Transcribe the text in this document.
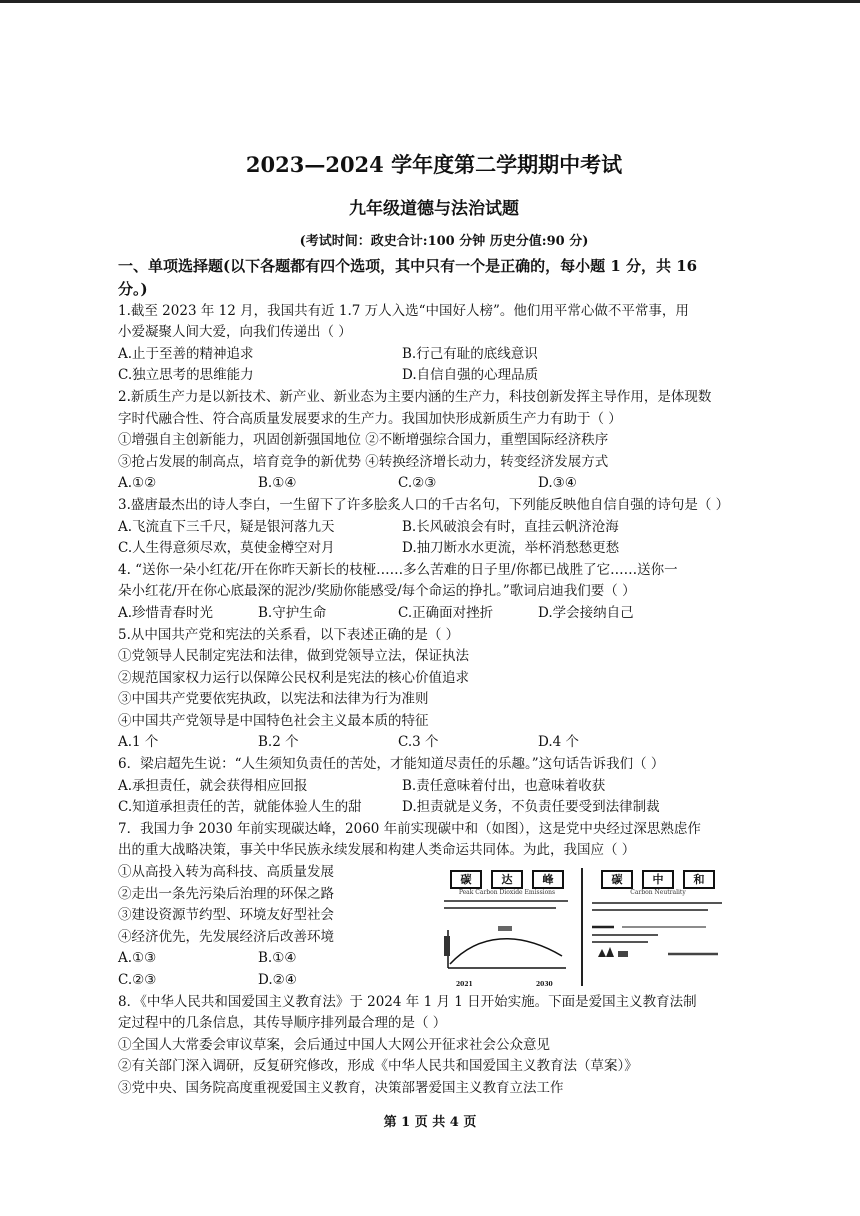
2023—2024 学年度第二学期期中考试
九年级道德与法治试题
(考试时间：政史合计:100 分钟 历史分值:90 分)
一、单项选择题(以下各题都有四个选项，其中只有一个是正确的，每小题 1 分，共 16
分。)
1.截至 2023 年 12 月，我国共有近 1.7 万人入选“中国好人榜”。他们用平常心做不平常事，用
小爱凝聚人间大爱，向我们传递出（ ）
A.止于至善的精神追求	B.行己有耻的底线意识
C.独立思考的思维能力	D.自信自强的心理品质
2.新质生产力是以新技术、新产业、新业态为主要内涵的生产力，科技创新发挥主导作用，是体现数
字时代融合性、符合高质量发展要求的生产力。我国加快形成新质生产力有助于（ ）
①增强自主创新能力，巩固创新强国地位 ②不断增强综合国力，重塑国际经济秩序
③抢占发展的制高点，培育竞争的新优势 ④转换经济增长动力，转变经济发展方式
A.①②	B.①④	C.②③	D.③④
3.盛唐最杰出的诗人李白，一生留下了许多脍炙人口的千古名句，下列能反映他自信自强的诗句是（ ）
A.飞流直下三千尺，疑是银河落九天	B.长风破浪会有时，直挂云帆济沧海
C.人生得意须尽欢，莫使金樽空对月	D.抽刀断水水更流，举杯消愁愁更愁
4. “送你一朵小红花/开在你昨天新长的枝桠……多么苦难的日子里/你都已战胜了它……送你一
朵小红花/开在你心底最深的泥沙/奖励你能感受/每个命运的挣扎。”歌词启迪我们要（ ）
A.珍惜青春时光	B.守护生命	C.正确面对挫折	D.学会接纳自己
5.从中国共产党和宪法的关系看，以下表述正确的是（ ）
①党领导人民制定宪法和法律，做到党领导立法，保证执法
②规范国家权力运行以保障公民权利是宪法的核心价值追求
③中国共产党要依宪执政，以宪法和法律为行为准则
④中国共产党领导是中国特色社会主义最本质的特征
A.1 个	B.2 个	C.3 个	D.4 个
6．梁启超先生说：“人生须知负责任的苦处，才能知道尽责任的乐趣。”这句话告诉我们（ ）
A.承担责任，就会获得相应回报	B.责任意味着付出，也意味着收获
C.知道承担责任的苦，就能体验人生的甜	D.担责就是义务，不负责任要受到法律制裁
7．我国力争 2030 年前实现碳达峰，2060 年前实现碳中和（如图），这是党中央经过深思熟虑作
出的重大战略决策，事关中华民族永续发展和构建人类命运共同体。为此，我国应（ ）
①从高投入转为高科技、高质量发展
②走出一条先污染后治理的环保之路
③建设资源节约型、环境友好型社会
④经济优先，先发展经济后改善环境
A.①③	B.①④
C.②③	D.②④
碳	达	峰
Peak Carbon Dioxide Emissions
2021	2030
碳	中	和
Carbon Neutrality
8．《中华人民共和国爱国主义教育法》于 2024 年 1 月 1 日开始实施。下面是爱国主义教育法制
定过程中的几条信息，其传导顺序排列最合理的是（ ）
①全国人大常委会审议草案，会后通过中国人大网公开征求社会公众意见
②有关部门深入调研，反复研究修改，形成《中华人民共和国爱国主义教育法（草案）》
③党中央、国务院高度重视爱国主义教育，决策部署爱国主义教育立法工作
第 1 页 共 4 页
